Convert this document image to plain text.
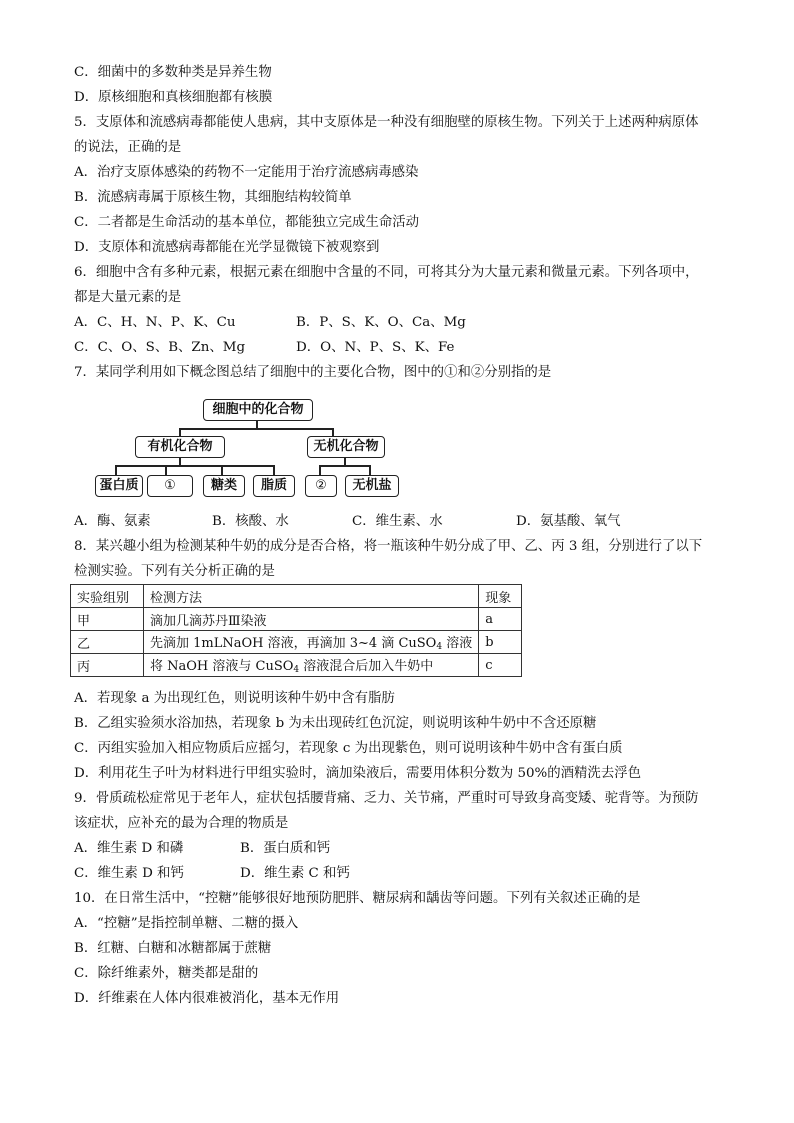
C．细菌中的多数种类是异养生物
D．原核细胞和真核细胞都有核膜
5．支原体和流感病毒都能使人患病，其中支原体是一种没有细胞壁的原核生物。下列关于上述两种病原体
的说法，正确的是
A．治疗支原体感染的药物不一定能用于治疗流感病毒感染
B．流感病毒属于原核生物，其细胞结构较简单
C．二者都是生命活动的基本单位，都能独立完成生命活动
D．支原体和流感病毒都能在光学显微镜下被观察到
6．细胞中含有多种元素，根据元素在细胞中含量的不同，可将其分为大量元素和微量元素。下列各项中，
都是大量元素的是
A．C、H、N、P、K、Cu	B．P、S、K、O、Ca、Mg
C．C、O、S、B、Zn、Mg	D．O、N、P、S、K、Fe
7．某同学利用如下概念图总结了细胞中的主要化合物，图中的①和②分别指的是
细胞中的化合物
有机化合物	无机化合物
蛋白质	①	糖类	脂质	②	无机盐
A．酶、氨素	B．核酸、水	C．维生素、水	D．氨基酸、氧气
8．某兴趣小组为检测某种牛奶的成分是否合格，将一瓶该种牛奶分成了甲、乙、丙 3 组，分别进行了以下
检测实验。下列有关分析正确的是
实验组别	检测方法	现象
甲	滴加几滴苏丹Ⅲ染液	a
乙	先滴加 1mLNaOH 溶液，再滴加 3~4 滴 CuSO$_4$ 溶液	b
丙	将 NaOH 溶液与 CuSO$_4$ 溶液混合后加入牛奶中	c
A．若现象 a 为出现红色，则说明该种牛奶中含有脂肪
B．乙组实验须水浴加热，若现象 b 为未出现砖红色沉淀，则说明该种牛奶中不含还原糖
C．丙组实验加入相应物质后应摇匀，若现象 c 为出现紫色，则可说明该种牛奶中含有蛋白质
D．利用花生子叶为材料进行甲组实验时，滴加染液后，需要用体积分数为 50%的酒精洗去浮色
9．骨质疏松症常见于老年人，症状包括腰背痛、乏力、关节痛，严重时可导致身高变矮、驼背等。为预防
该症状，应补充的最为合理的物质是
A．维生素 D 和磷	B．蛋白质和钙
C．维生素 D 和钙	D．维生素 C 和钙
10．在日常生活中，“控糖”能够很好地预防肥胖、糖尿病和龋齿等问题。下列有关叙述正确的是
A．“控糖”是指控制单糖、二糖的摄入
B．红糖、白糖和冰糖都属于蔗糖
C．除纤维素外，糖类都是甜的
D．纤维素在人体内很难被消化，基本无作用
